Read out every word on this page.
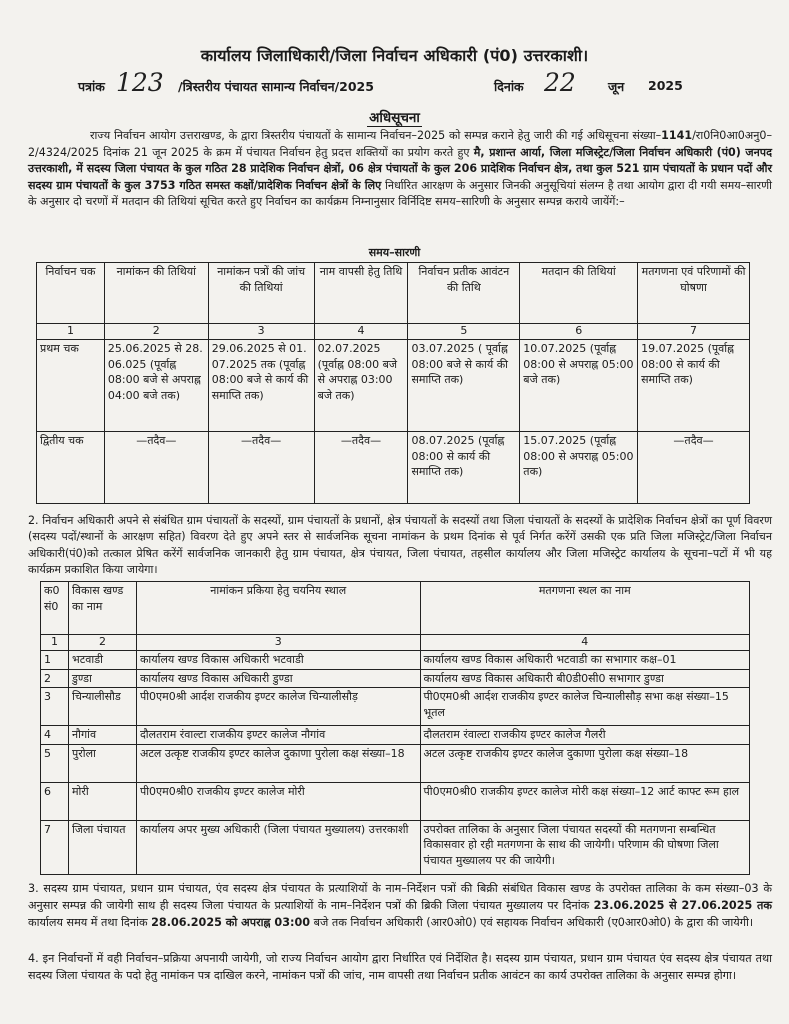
कार्यालय जिलाधिकारी/जिला निर्वाचन अधिकारी (पं0) उत्तरकाशी।
पत्रांक 123 /त्रिस्तरीय पंचायत सामान्य निर्वाचन/2025	दिनांक 22	जून 2025
अधिसूचना
राज्य निर्वाचन आयोग उत्तराखण्ड, के द्वारा त्रिस्तरीय पंचायतों के सामान्य निर्वाचन–2025 को सम्पन्न कराने हेतु जारी की गई अधिसूचना संख्या–1141/रा0नि0आ0अनु0–2/4324/2025 दिनांक 21 जून 2025 के क्रम में पंचायत निर्वाचन हेतु प्रदत्त शक्तियों का प्रयोग करते हुए मै, प्रशान्त आर्या, जिला मजिस्ट्रेट/जिला निर्वाचन अधिकारी (पं0) जनपद उत्तरकाशी, में सदस्य जिला पंचायत के कुल गठित 28 प्रादेशिक निर्वाचन क्षेत्रों, 06 क्षेत्र पंचायतों के कुल 206 प्रादेशिक निर्वाचन क्षेत्र, तथा कुल 521 ग्राम पंचायतों के प्रधान पदों और सदस्य ग्राम पंचायतों के कुल 3753 गठित समस्त कक्षों/प्रादेशिक निर्वाचन क्षेत्रों के लिए निर्धारित आरक्षण के अनुसार जिनकी अनुसूचियां संलग्न है तथा आयोग द्वारा दी गयी समय–सारणी के अनुसार दो चरणों में मतदान की तिथियां सूचित करते हुए निर्वाचन का कार्यक्रम निम्नानुसार विर्निदिष्ट समय–सारिणी के अनुसार सम्पन्न कराये जायेंगें:–
समय–सारणी
निर्वाचन चक	नामांकन की तिथियां	नामांकन पत्रों की जांच की तिथियां	नाम वापसी हेतु तिथि	निर्वाचन प्रतीक आवंटन की तिथि	मतदान की तिथियां	मतगणना एवं परिणामों की घोषणा
1	2	3	4	5	6	7
प्रथम चक	25.06.2025 से 28. 06.025 (पूर्वाह्न 08:00 बजे से अपराह्न 04:00 बजे तक)	29.06.2025 से 01. 07.2025 तक (पूर्वाह्न 08:00 बजे से कार्य की समाप्ति तक)	02.07.2025 (पूर्वाह्न 08:00 बजे से अपराह्न 03:00 बजे तक)	03.07.2025 ( पूर्वाह्न 08:00 बजे से कार्य की समाप्ति तक)	10.07.2025 (पूर्वाह्न 08:00 से अपराह्न 05:00 बजे तक)	19.07.2025 (पूर्वाह्न 08:00 से कार्य की समाप्ति तक)
द्वितीय चक	—तदैव—	—तदैव—	—तदैव—	08.07.2025 (पूर्वाह्न 08:00 से कार्य की समाप्ति तक)	15.07.2025 (पूर्वाह्न 08:00 से अपराह्न 05:00 तक)	—तदैव—
2. निर्वाचन अधिकारी अपने से संबंधित ग्राम पंचायतों के सदस्यों, ग्राम पंचायतों के प्रधानों, क्षेत्र पंचायतों के सदस्यों तथा जिला पंचायतों के सदस्यों के प्रादेशिक निर्वाचन क्षेत्रों का पूर्ण विवरण (सदस्य पदों/स्थानों के आरक्षण सहित) विवरण देते हुए अपने स्तर से सार्वजनिक सूचना नामांकन के प्रथम दिनांक से पूर्व निर्गत करेंगें उसकी एक प्रति जिला मजिस्ट्रेट/जिला निर्वाचन अधिकारी(पं0)को तत्काल प्रेषित करेंगें सार्वजनिक जानकारी हेतु ग्राम पंचायत, क्षेत्र पंचायत, जिला पंचायत, तहसील कार्यालय और जिला मजिस्ट्रेट कार्यालय के सूचना–पटों में भी यह कार्यक्रम प्रकाशित किया जायेगा।
क0 सं0	विकास खण्ड का नाम	नामांकन प्रकिया हेतु चयनिय स्थाल	मतगणना स्थल का नाम
1	2	3	4
1	भटवाडी	कार्यालय खण्ड विकास अधिकारी भटवाडी	कार्यालय खण्ड विकास अधिकारी भटवाडी का सभागार कक्ष–01
2	डुण्डा	कार्यालय खण्ड विकास अधिकारी डुण्डा	कार्यालय खण्ड विकास अधिकारी बी0डी0सी0 सभागार डुण्डा
3	चिन्यालीसौड	पी0एम0श्री आर्दश राजकीय इण्टर कालेज चिन्यालीसौड़	पी0एम0श्री आर्दश राजकीय इण्टर कालेज चिन्यालीसौड़ सभा कक्ष संख्या–15 भूतल
4	नौगांव	दौलतराम रंवाल्टा राजकीय इण्टर कालेज नौगांव	दौलतराम रंवाल्टा राजकीय इण्टर कालेज गैलरी
5	पुरोला	अटल उत्कृष्ट राजकीय इण्टर कालेज दुकाणा पुरोला कक्ष संख्या–18	अटल उत्कृष्ट राजकीय इण्टर कालेज दुकाणा पुरोला कक्ष संख्या–18
6	मोरी	पी0एम0श्री0 राजकीय इण्टर कालेज मोरी	पी0एम0श्री0 राजकीय इण्टर कालेज मोरी कक्ष संख्या–12 आर्ट काफ्ट रूम हाल
7	जिला पंचायत	कार्यालय अपर मुख्य अधिकारी (जिला पंचायत मुख्यालय) उत्तरकाशी	उपरोक्त तालिका के अनुसार जिला पंचायत सदस्यों की मतगणना सम्बन्धित विकासवार हो रही मतगणना के साथ की जायेगी। परिणाम की घोषणा जिला पंचायत मुख्यालय पर की जायेगी।
3. सदस्य ग्राम पंचायत, प्रधान ग्राम पंचायत, एंव सदस्य क्षेत्र पंचायत के प्रत्याशियों के नाम–निर्देशन पत्रों की बिक्री संबंधित विकास खण्ड के उपरोक्त तालिका के कम संख्या–03 के अनुसार सम्पन्न की जायेगी साथ ही सदस्य जिला पंचायत के प्रत्याशियों के नाम–निर्देशन पत्रों की ब्रिकी जिला पंचायत मुख्यालय पर दिनांक 23.06.2025 से 27.06.2025 तक कार्यालय समय में तथा दिनांक 28.06.2025 को अपराह्न 03:00 बजे तक निर्वाचन अधिकारी (आर0ओ0) एवं सहायक निर्वाचन अधिकारी (ए0आर0ओ0) के द्वारा की जायेगी।
4. इन निर्वाचनों में वही निर्वाचन–प्रक्रिया अपनायी जायेगी, जो राज्य निर्वाचन आयोग द्वारा निर्धारित एवं निर्देशित है। सदस्य ग्राम पंचायत, प्रधान ग्राम पंचायत एंव सदस्य क्षेत्र पंचायत तथा सदस्य जिला पंचायत के पदो हेतु नामांकन पत्र दाखिल करने, नामांकन पत्रों की जांच, नाम वापसी तथा निर्वाचन प्रतीक आवंटन का कार्य उपरोक्त तालिका के अनुसार सम्पन्न होगा।
